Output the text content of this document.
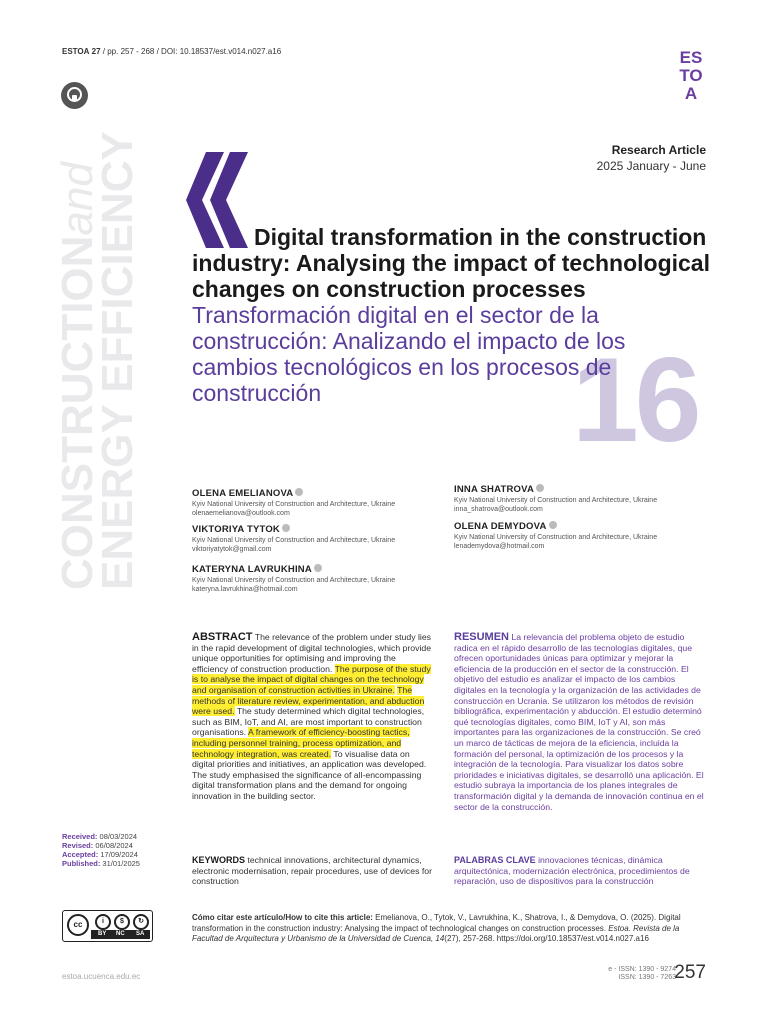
ESTOA 27 / pp. 257 - 268 / DOI: 10.18537/est.v014.n027.a16	ES
TO
A
CONSTRUCTIONand
ENERGY EFFICIENCY	Research Article
2025 January - June
16
Digital transformation in the construction industry: Analysing the impact of technological changes on construction processes Transformación digital en el sector de la construcción: Analizando el impacto de los cambios tecnológicos en los procesos de construcción
OLENA EMELIANOVA
Kyiv National University of Construction and Architecture, Ukraine
olenaemelianova@outlook.com
VIKTORIYA TYTOK
Kyiv National University of Construction and Architecture, Ukraine
viktoriyatytok@gmail.com
KATERYNA LAVRUKHINA
Kyiv National University of Construction and Architecture, Ukraine
kateryna.lavrukhina@hotmail.com
INNA SHATROVA
Kyiv National University of Construction and Architecture, Ukraine
inna_shatrova@outlook.com
OLENA DEMYDOVA
Kyiv National University of Construction and Architecture, Ukraine
lenademydova@hotmail.com
ABSTRACT The relevance of the problem under study lies in the rapid development of digital technologies, which provide unique opportunities for optimising and improving the efficiency of construction production. The purpose of the study is to analyse the impact of digital changes on the technology and organisation of construction activities in Ukraine. The methods of literature review, experimentation, and abduction were used. The study determined which digital technologies, such as BIM, IoT, and AI, are most important to construction organisations. A framework of efficiency-boosting tactics, including personnel training, process optimization, and technology integration, was created. To visualise data on digital priorities and initiatives, an application was developed. The study emphasised the significance of all-encompassing digital transformation plans and the demand for ongoing innovation in the building sector.
RESUMEN La relevancia del problema objeto de estudio radica en el rápido desarrollo de las tecnologías digitales, que ofrecen oportunidades únicas para optimizar y mejorar la eficiencia de la producción en el sector de la construcción. El objetivo del estudio es analizar el impacto de los cambios digitales en la tecnología y la organización de las actividades de construcción en Ucrania. Se utilizaron los métodos de revisión bibliográfica, experimentación y abducción. El estudio determinó qué tecnologías digitales, como BIM, IoT y AI, son más importantes para las organizaciones de la construcción. Se creó un marco de tácticas de mejora de la eficiencia, incluida la formación del personal, la optimización de los procesos y la integración de la tecnología. Para visualizar los datos sobre prioridades e iniciativas digitales, se desarrolló una aplicación. El estudio subraya la importancia de los planes integrales de transformación digital y la demanda de innovación continua en el sector de la construcción.
Received: 08/03/2024
Revised: 06/08/2024
Accepted: 17/09/2024
Published: 31/01/2025	KEYWORDS technical innovations, architectural dynamics, electronic modernisation, repair procedures, use of devices for construction
PALABRAS CLAVE innovaciones técnicas, dinámica arquitectónica, modernización electrónica, procedimientos de reparación, uso de dispositivos para la construcción
cc	i	$	↻
BY NC SA
Cómo citar este artículo/How to cite this article: Emelianova, O., Tytok, V., Lavrukhina, K., Shatrova, I., & Demydova, O. (2025). Digital transformation in the construction industry: Analysing the impact of technological changes on construction processes. Estoa. Revista de la Facultad de Arquitectura y Urbanismo de la Universidad de Cuenca, 14(27), 257-268. https://doi.org/10.18537/est.v014.n027.a16
estoa.ucuenca.edu.ec
e - ISSN: 1390 - 9274
ISSN: 1390 - 7263
257
